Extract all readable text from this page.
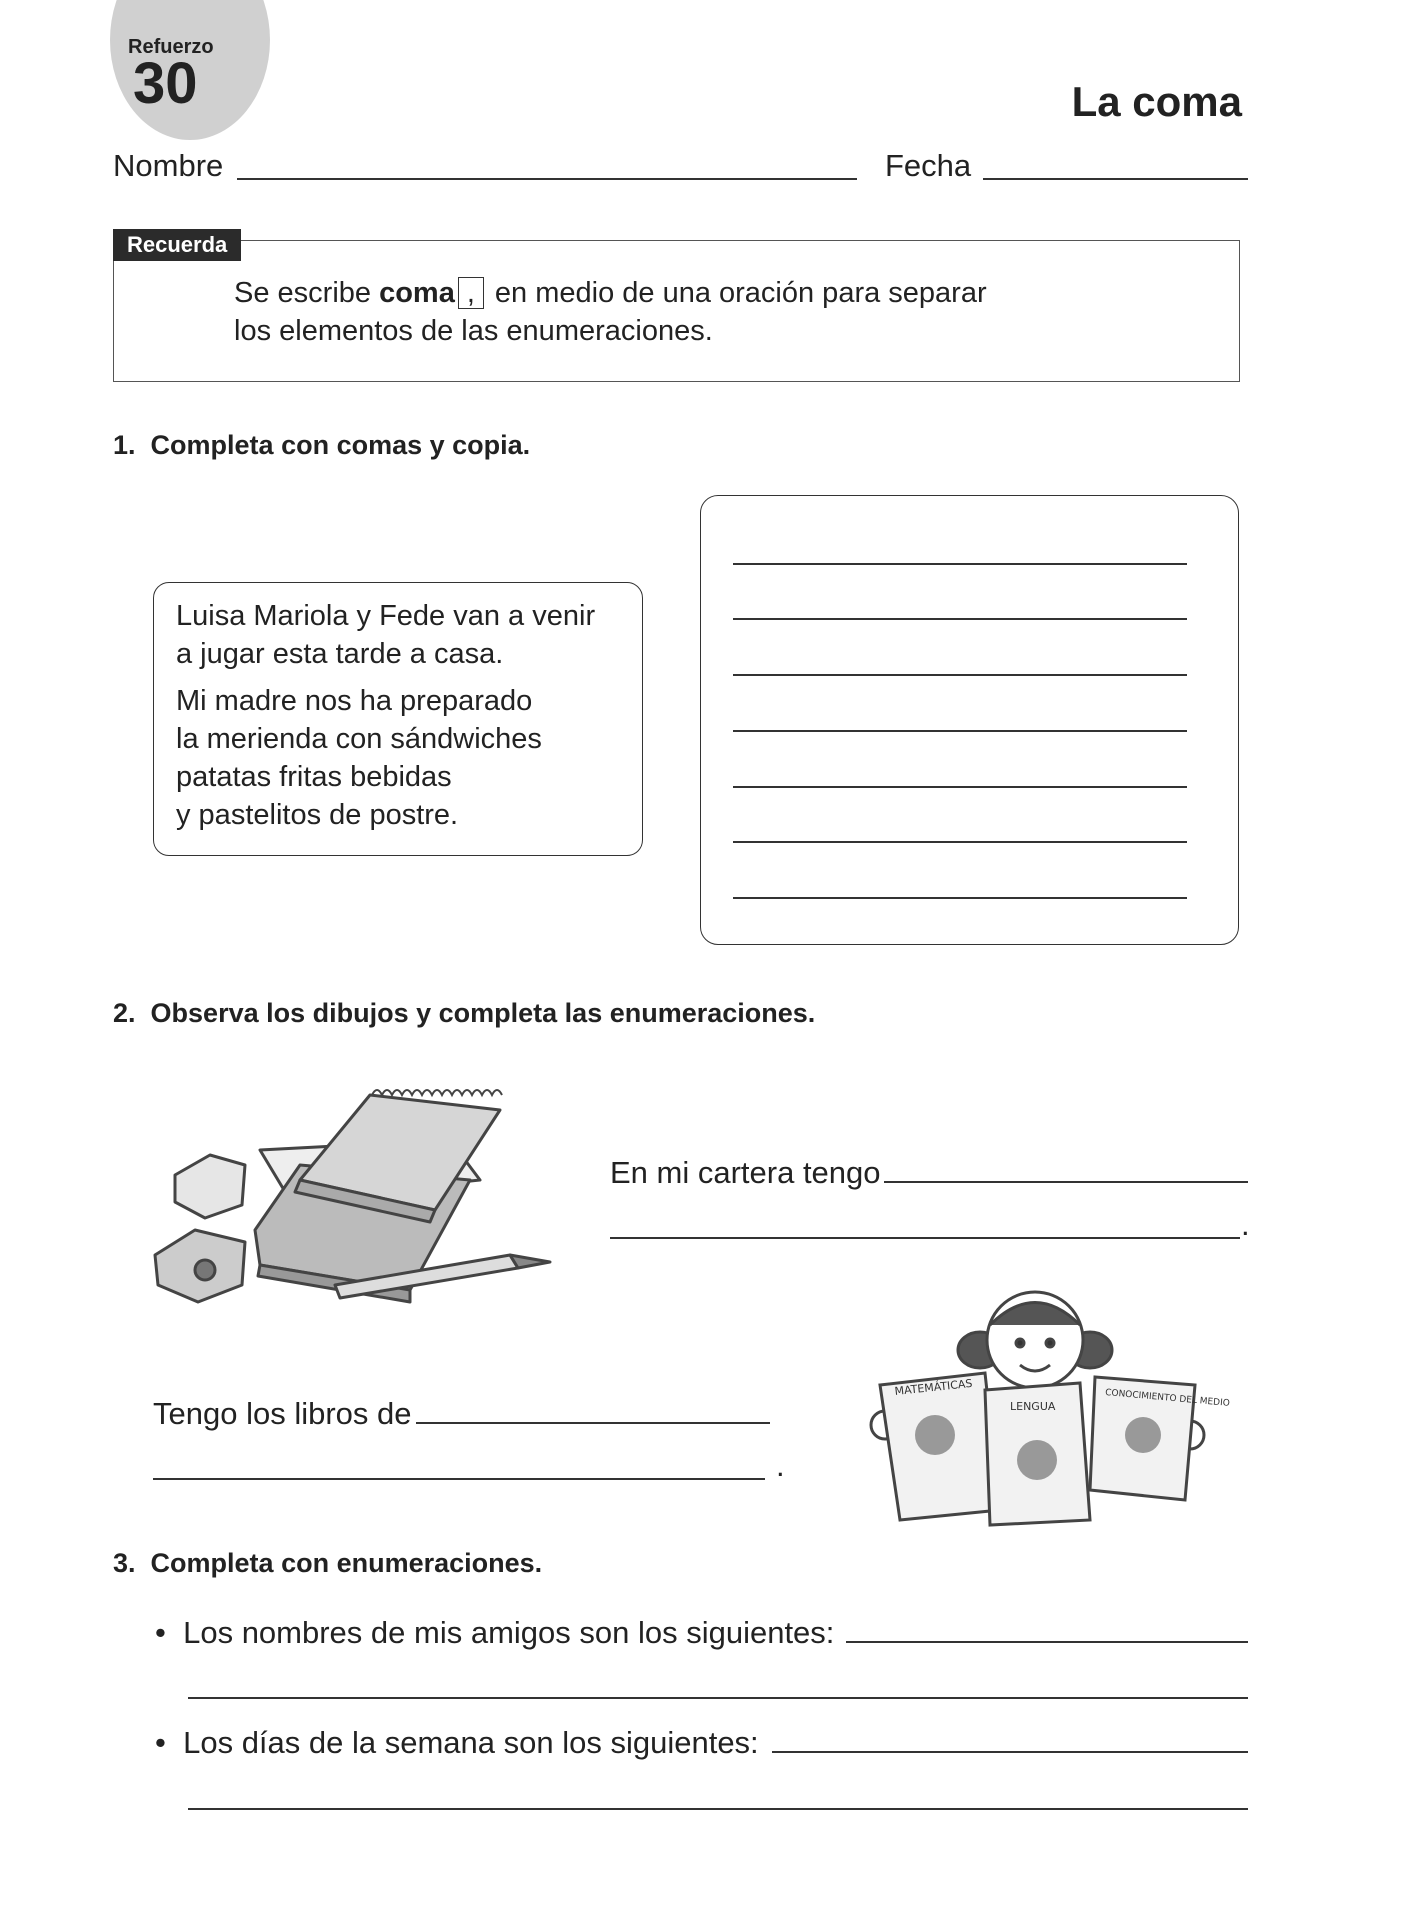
Refuerzo
30	La coma
Nombre	Fecha
Recuerda
Se escribe coma , en medio de una oración para separar
los elementos de las enumeraciones.
1. Completa con comas y copia.

Luisa Mariola y Fede van a venir
a jugar esta tarde a casa.

Mi madre nos ha preparado
la merienda con sándwiches
patatas fritas bebidas
y pastelitos de postre.

2. Observa los dibujos y completa las enumeraciones.
En mi cartera tengo
.
MATEMÁTICAS
LENGUA	CONOCIMIENTO DEL MEDIO
Tengo los libros de
.
3. Completa con enumeraciones.
• Los nombres de mis amigos son los siguientes:
• Los días de la semana son los siguientes:
